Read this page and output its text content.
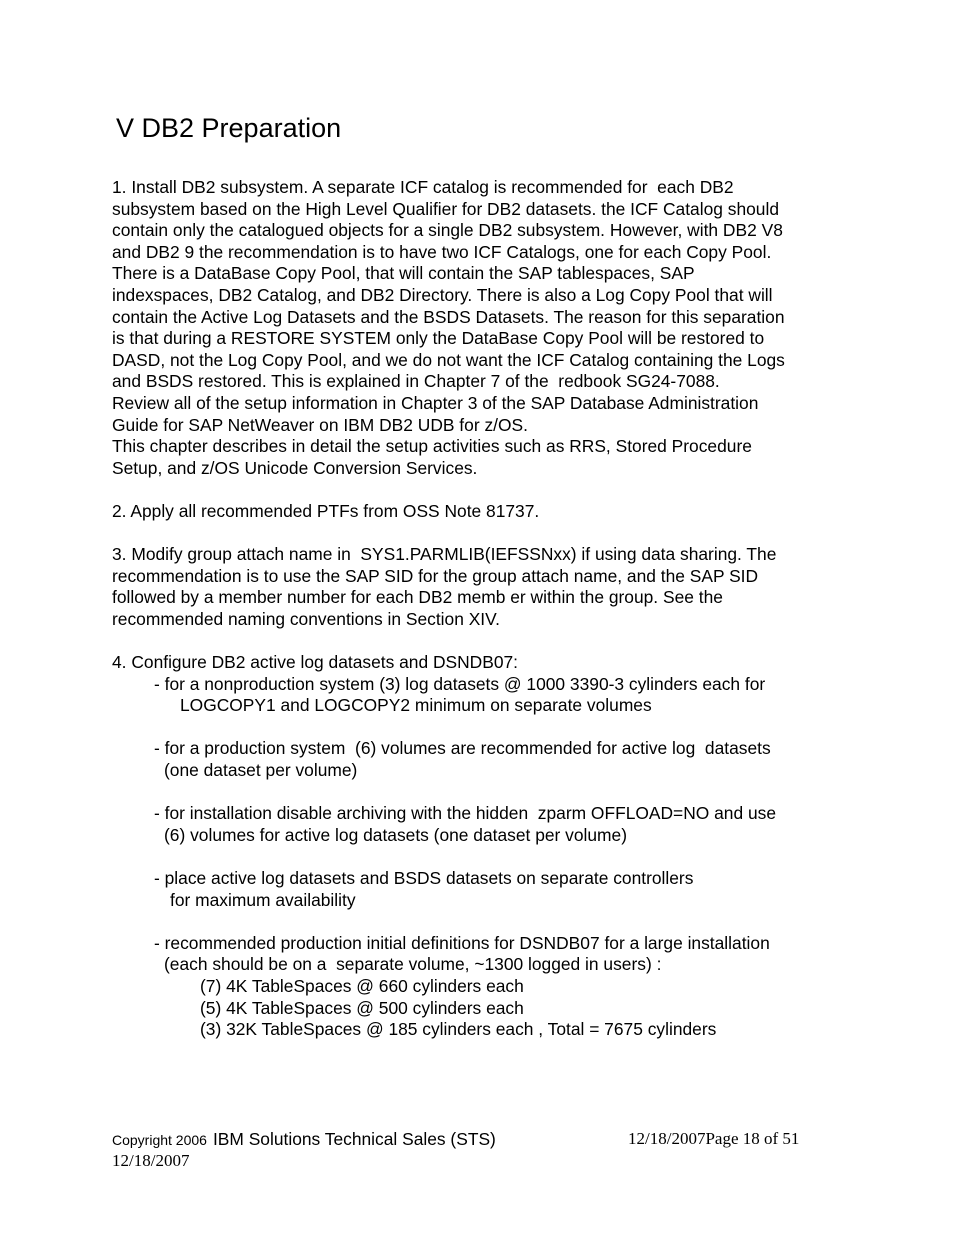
V DB2 Preparation
1. Install DB2 subsystem. A separate ICF catalog is recommended for  each DB2
subsystem based on the High Level Qualifier for DB2 datasets. the ICF Catalog should
contain only the catalogued objects for a single DB2 subsystem. However, with DB2 V8
and DB2 9 the recommendation is to have two ICF Catalogs, one for each Copy Pool.
There is a DataBase Copy Pool, that will contain the SAP tablespaces, SAP
indexspaces, DB2 Catalog, and DB2 Directory. There is also a Log Copy Pool that will
contain the Active Log Datasets and the BSDS Datasets. The reason for this separation
is that during a RESTORE SYSTEM only the DataBase Copy Pool will be restored to
DASD, not the Log Copy Pool, and we do not want the ICF Catalog containing the Logs
and BSDS restored. This is explained in Chapter 7 of the  redbook SG24-7088.
Review all of the setup information in Chapter 3 of the SAP Database Administration
Guide for SAP NetWeaver on IBM DB2 UDB for z/OS.
This chapter describes in detail the setup activities such as RRS, Stored Procedure
Setup, and z/OS Unicode Conversion Services.
2. Apply all recommended PTFs from OSS Note 81737.
3. Modify group attach name in  SYS1.PARMLIB(IEFSSNxx) if using data sharing. The
recommendation is to use the SAP SID for the group attach name, and the SAP SID
followed by a member number for each DB2 memb er within the group. See the
recommended naming conventions in Section XIV.
4. Configure DB2 active log datasets and DSNDB07:
- for a nonproduction system (3) log datasets @ 1000 3390-3 cylinders each for
LOGCOPY1 and LOGCOPY2 minimum on separate volumes
- for a production system  (6) volumes are recommended for active log  datasets
(one dataset per volume)
- for installation disable archiving with the hidden  zparm OFFLOAD=NO and use
(6) volumes for active log datasets (one dataset per volume)
- place active log datasets and BSDS datasets on separate controllers
for maximum availability
- recommended production initial definitions for DSNDB07 for a large installation
(each should be on a  separate volume, ~1300 logged in users) :
(7) 4K TableSpaces @ 660 cylinders each
(5) 4K TableSpaces @ 500 cylinders each
(3) 32K TableSpaces @ 185 cylinders each , Total = 7675 cylinders
Copyright 2006 IBM Solutions Technical Sales (STS)	12/18/2007Page 18 of 51
12/18/2007
